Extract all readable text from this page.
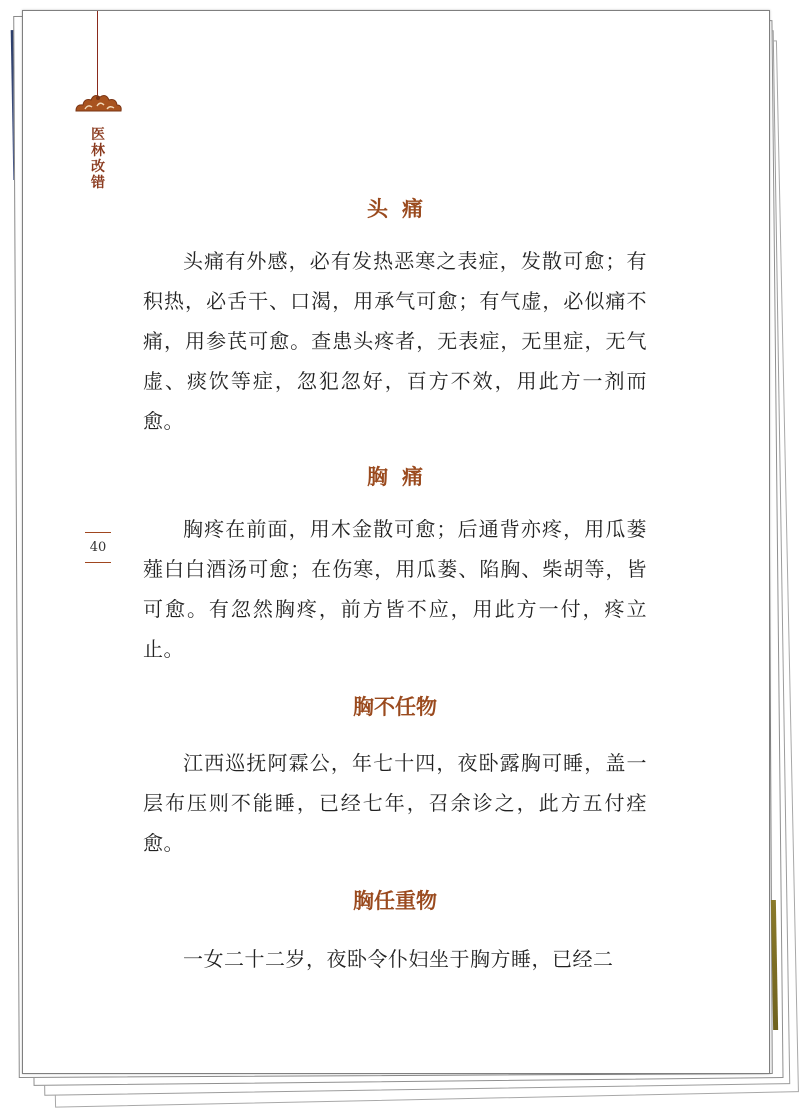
医
林
改
错
40
头痛

头痛有外感，必有发热恶寒之表症，发散可愈；有积热，必舌干、口渴，用承气可愈；有气虚，必似痛不痛，用参芪可愈。查患头疼者，无表症，无里症，无气虚、痰饮等症，忽犯忽好，百方不效，用此方一剂而愈。

胸痛

胸疼在前面，用木金散可愈；后通背亦疼，用瓜蒌薤白白酒汤可愈；在伤寒，用瓜蒌、陷胸、柴胡等，皆可愈。有忽然胸疼，前方皆不应，用此方一付，疼立止。

胸不任物

江西巡抚阿霖公，年七十四，夜卧露胸可睡，盖一层布压则不能睡，已经七年，召余诊之，此方五付痊愈。

胸任重物

一女二十二岁，夜卧令仆妇坐于胸方睡，已经二
